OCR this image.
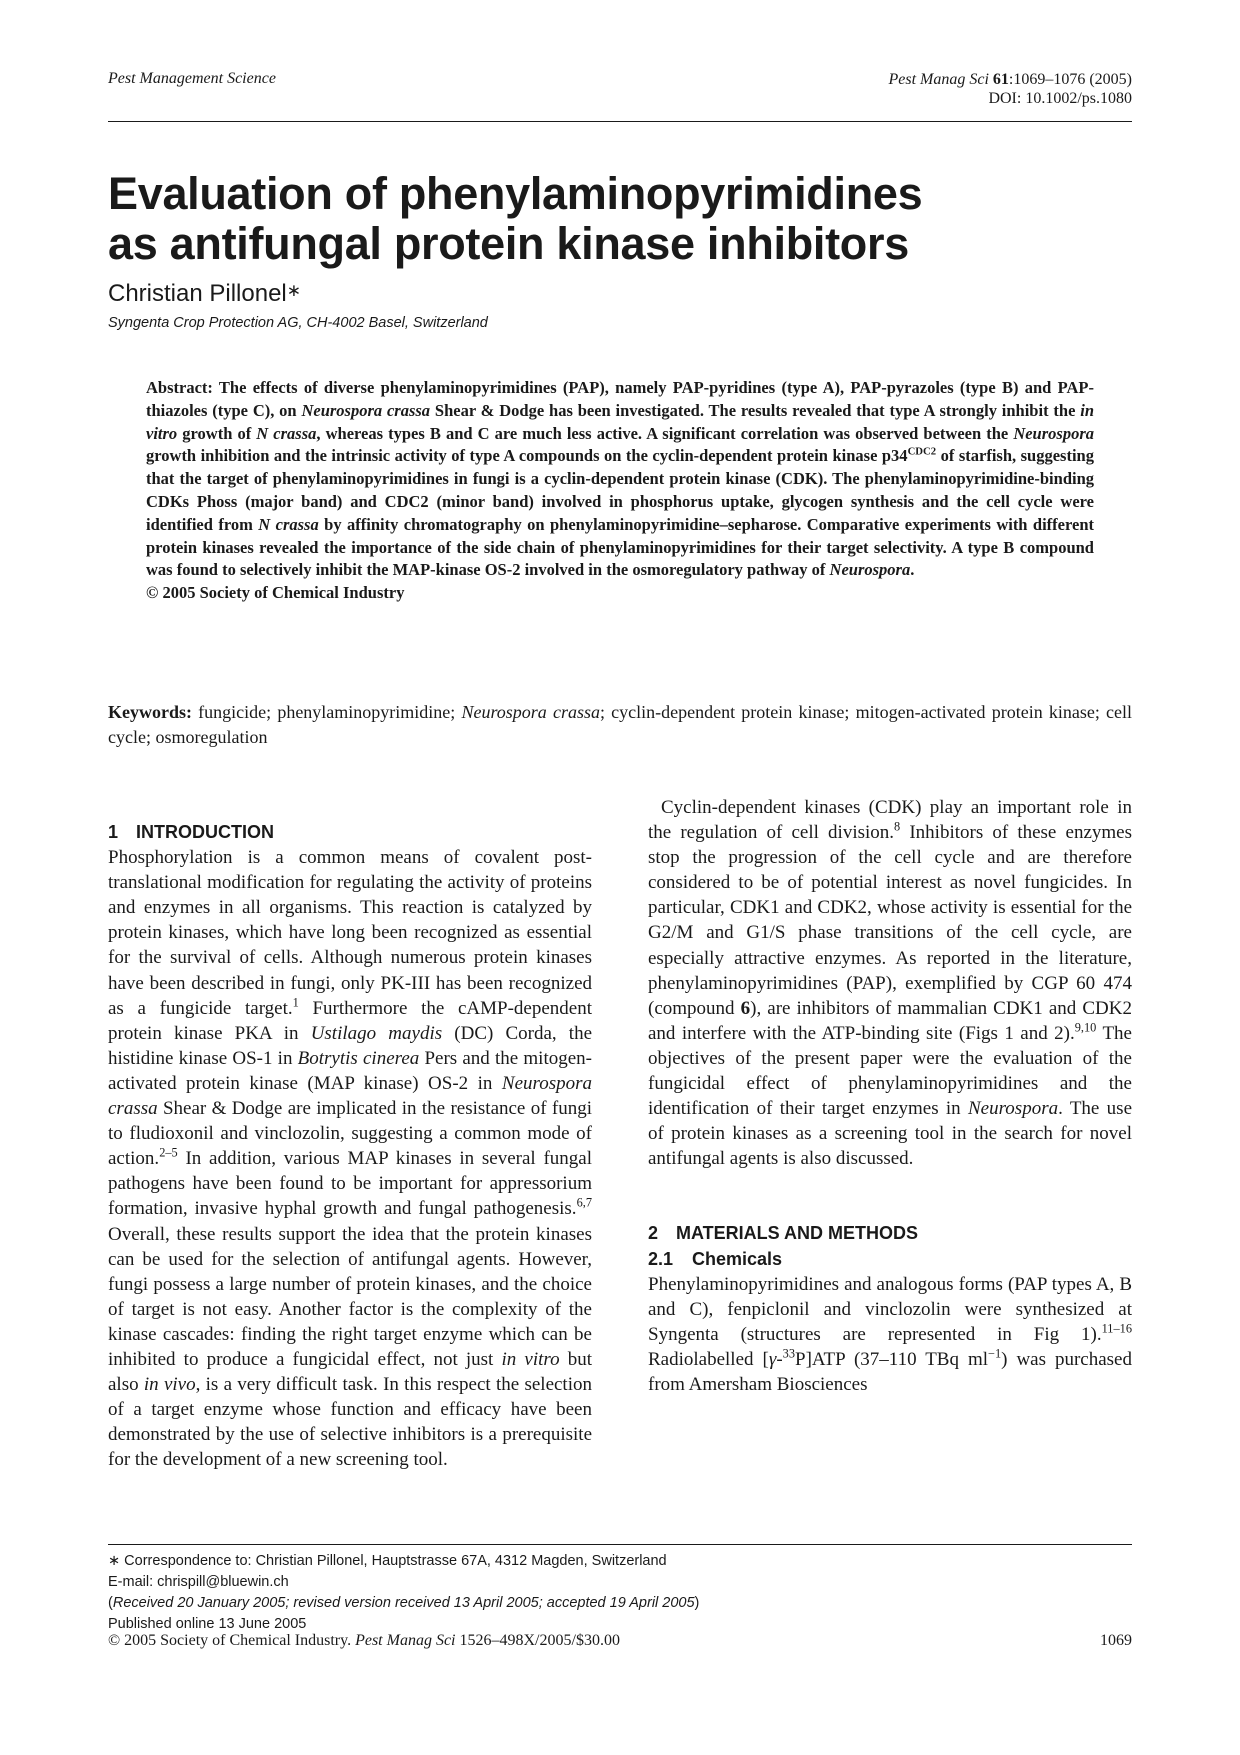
Pest Management Science	Pest Manag Sci 61:1069–1076 (2005)
DOI: 10.1002/ps.1080
Evaluation of phenylaminopyrimidines
as antifungal protein kinase inhibitors
Christian Pillonel∗
Syngenta Crop Protection AG, CH-4002 Basel, Switzerland
Abstract: The effects of diverse phenylaminopyrimidines (PAP), namely PAP-pyridines (type A), PAP-pyrazoles (type B) and PAP-thiazoles (type C), on Neurospora crassa Shear & Dodge has been investigated. The results revealed that type A strongly inhibit the in vitro growth of N crassa, whereas types B and C are much less active. A significant correlation was observed between the Neurospora growth inhibition and the intrinsic activity of type A compounds on the cyclin-dependent protein kinase $p34^{CDC2}$ of starfish, suggesting that the target of phenylaminopyrimidines in fungi is a cyclin-dependent protein kinase (CDK). The phenylaminopyrimidine-binding CDKs Phoss (major band) and CDC2 (minor band) involved in phosphorus uptake, glycogen synthesis and the cell cycle were identified from N crassa by affinity chromatography on phenylaminopyrimidine–sepharose. Comparative experiments with different protein kinases revealed the importance of the side chain of phenylaminopyrimidines for their target selectivity. A type B compound was found to selectively inhibit the MAP-kinase OS-2 involved in the osmoregulatory pathway of Neurospora.
© 2005 Society of Chemical Industry
Keywords: fungicide; phenylaminopyrimidine; Neurospora crassa; cyclin-dependent protein kinase; mitogen-activated protein kinase; cell cycle; osmoregulation
1 INTRODUCTION

Phosphorylation is a common means of covalent post-translational modification for regulating the activity of proteins and enzymes in all organisms. This reaction is catalyzed by protein kinases, which have long been recognized as essential for the survival of cells. Although numerous protein kinases have been described in fungi, only PK-III has been recognized as a fungicide target.$^1$ Furthermore the cAMP-dependent protein kinase PKA in Ustilago maydis (DC) Corda, the histidine kinase OS-1 in Botrytis cinerea Pers and the mitogen-activated protein kinase (MAP kinase) OS-2 in Neurospora crassa Shear & Dodge are implicated in the resistance of fungi to fludioxonil and vinclozolin, suggesting a common mode of action.$^{2-5}$ In addition, various MAP kinases in several fungal pathogens have been found to be important for appressorium formation, invasive hyphal growth and fungal pathogenesis.$^{6,7}$ Overall, these results support the idea that the protein kinases can be used for the selection of antifungal agents. However, fungi possess a large number of protein kinases, and the choice of target is not easy. Another factor is the complexity of the kinase cascades: finding the right target enzyme which can be inhibited to produce a fungicidal effect, not just in vitro but also in vivo, is a very difficult task. In this respect the selection of a target enzyme whose function and efficacy have been demonstrated by the use of selective inhibitors is a prerequisite for the development of a new screening tool.

Cyclin-dependent kinases (CDK) play an important role in the regulation of cell division.$^8$ Inhibitors of these enzymes stop the progression of the cell cycle and are therefore considered to be of potential interest as novel fungicides. In particular, CDK1 and CDK2, whose activity is essential for the G2/M and G1/S phase transitions of the cell cycle, are especially attractive enzymes. As reported in the literature, phenylaminopyrimidines (PAP), exemplified by CGP 60 474 (compound 6), are inhibitors of mammalian CDK1 and CDK2 and interfere with the ATP-binding site (Figs 1 and 2).$^{9,10}$ The objectives of the present paper were the evaluation of the fungicidal effect of phenylaminopyrimidines and the identification of their target enzymes in Neurospora. The use of protein kinases as a screening tool in the search for novel antifungal agents is also discussed.

2 MATERIALS AND METHODS
2.1 Chemicals

Phenylaminopyrimidines and analogous forms (PAP types A, B and C), fenpiclonil and vinclozolin were synthesized at Syngenta (structures are represented in Fig 1).$^{11-16}$ Radiolabelled [γ-$^{33}$P]ATP (37–110 TBq $ml^{-1}$) was purchased from Amersham Biosciences

∗ Correspondence to: Christian Pillonel, Hauptstrasse 67A, 4312 Magden, Switzerland
E-mail: chrispill@bluewin.ch
(Received 20 January 2005; revised version received 13 April 2005; accepted 19 April 2005)
Published online 13 June 2005
© 2005 Society of Chemical Industry. Pest Manag Sci 1526–498X/2005/$30.00	1069
